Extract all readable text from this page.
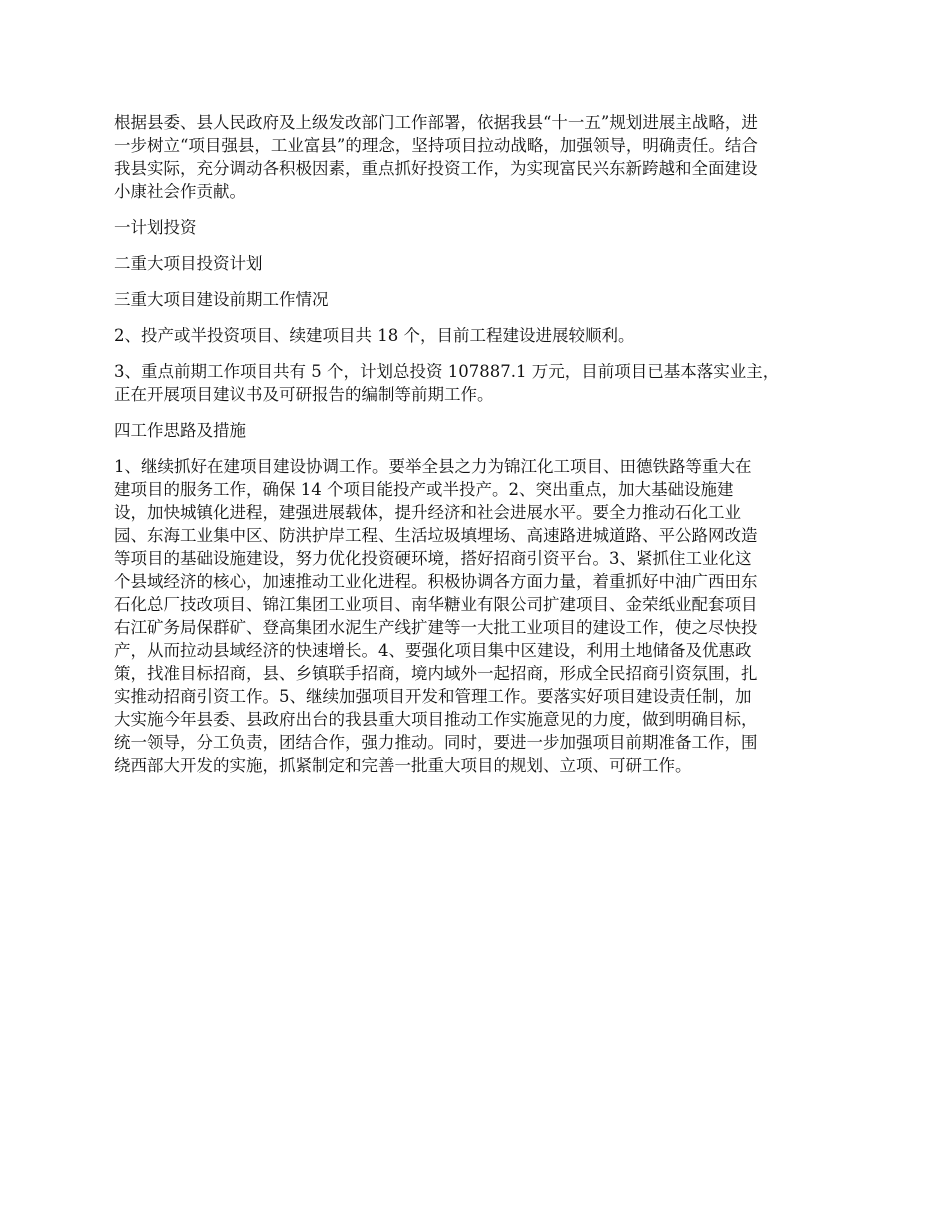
根据县委、县人民政府及上级发改部门工作部署，依据我县“十一五”规划进展主战略，进
一步树立“项目强县，工业富县”的理念，坚持项目拉动战略，加强领导，明确责任。结合
我县实际，充分调动各积极因素，重点抓好投资工作，为实现富民兴东新跨越和全面建设
小康社会作贡献。

一计划投资

二重大项目投资计划

三重大项目建设前期工作情况

2、投产或半投资项目、续建项目共 18 个，目前工程建设进展较顺利。

3、重点前期工作项目共有 5 个，计划总投资 107887.1 万元，目前项目已基本落实业主，
正在开展项目建议书及可研报告的编制等前期工作。

四工作思路及措施

1、继续抓好在建项目建设协调工作。要举全县之力为锦江化工项目、田德铁路等重大在
建项目的服务工作，确保 14 个项目能投产或半投产。2、突出重点，加大基础设施建
设，加快城镇化进程，建强进展载体，提升经济和社会进展水平。要全力推动石化工业
园、东海工业集中区、防洪护岸工程、生活垃圾填埋场、高速路进城道路、平公路网改造
等项目的基础设施建设，努力优化投资硬环境，搭好招商引资平台。3、紧抓住工业化这
个县域经济的核心，加速推动工业化进程。积极协调各方面力量，着重抓好中油广西田东
石化总厂技改项目、锦江集团工业项目、南华糖业有限公司扩建项目、金荣纸业配套项目
右江矿务局保群矿、登高集团水泥生产线扩建等一大批工业项目的建设工作，使之尽快投
产，从而拉动县域经济的快速增长。4、要强化项目集中区建设，利用土地储备及优惠政
策，找准目标招商，县、乡镇联手招商，境内域外一起招商，形成全民招商引资氛围，扎
实推动招商引资工作。5、继续加强项目开发和管理工作。要落实好项目建设责任制，加
大实施今年县委、县政府出台的我县重大项目推动工作实施意见的力度，做到明确目标，
统一领导，分工负责，团结合作，强力推动。同时，要进一步加强项目前期准备工作，围
绕西部大开发的实施，抓紧制定和完善一批重大项目的规划、立项、可研工作。
